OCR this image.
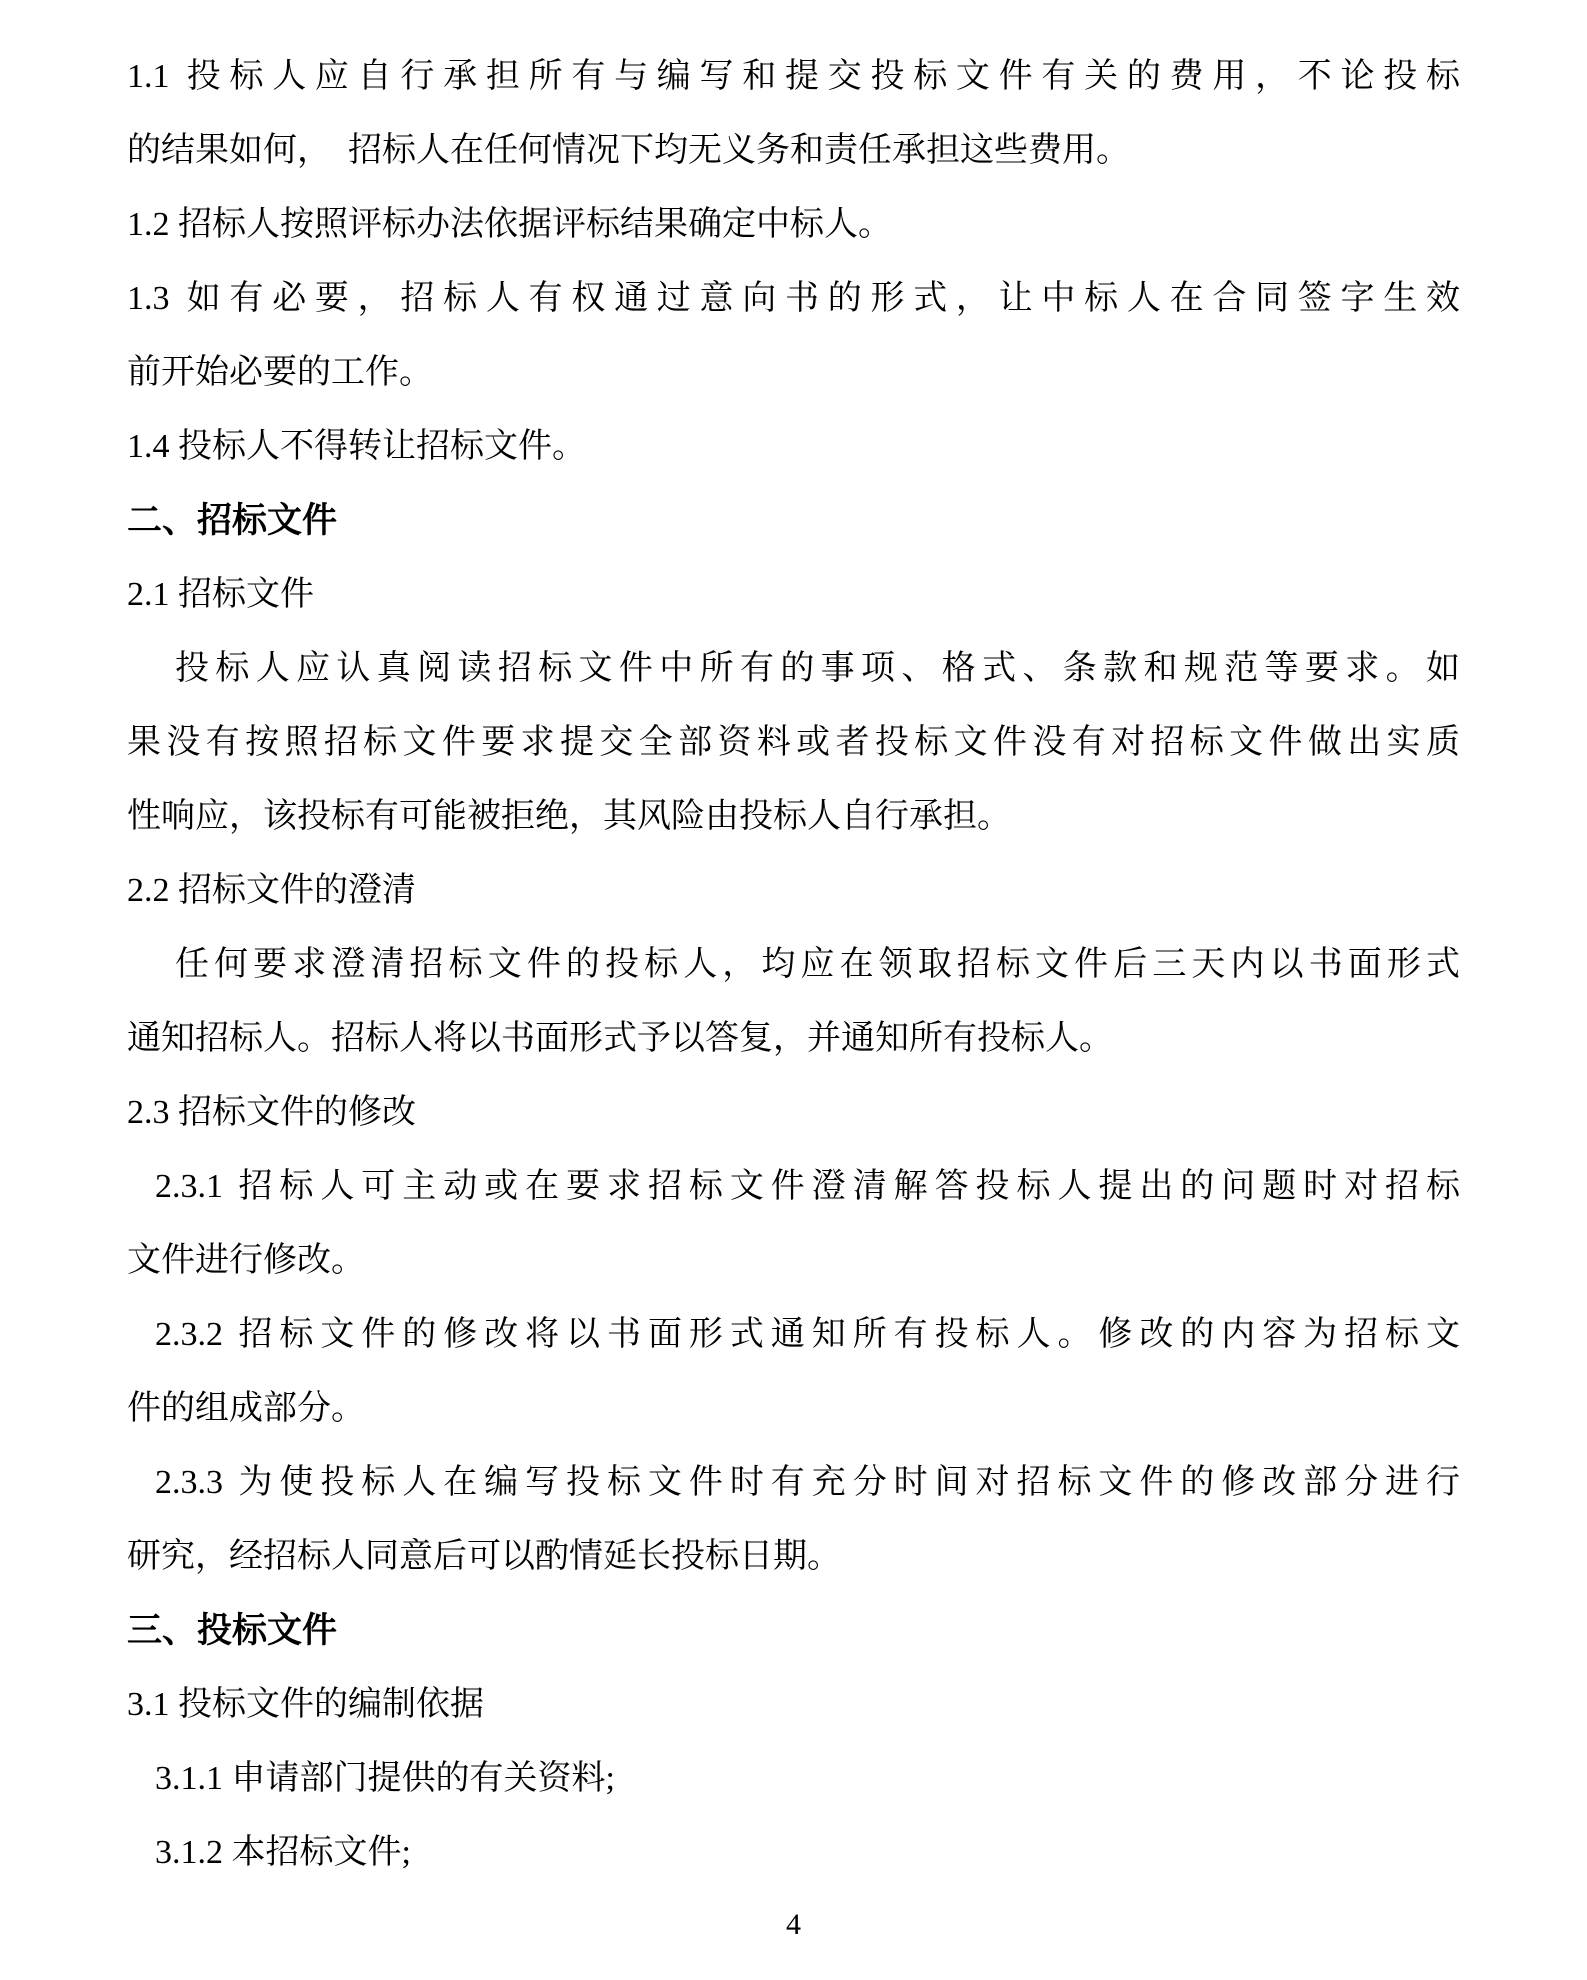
1.1 投标人应自行承担所有与编写和提交投标文件有关的费用，不论投标
的结果如何，　招标人在任何情况下均无义务和责任承担这些费用。
1.2 招标人按照评标办法依据评标结果确定中标人。
1.3 如有必要，招标人有权通过意向书的形式，让中标人在合同签字生效
前开始必要的工作。
1.4 投标人不得转让招标文件。
二、招标文件
2.1 招标文件
投标人应认真阅读招标文件中所有的事项、格式、条款和规范等要求。如
果没有按照招标文件要求提交全部资料或者投标文件没有对招标文件做出实质
性响应，该投标有可能被拒绝，其风险由投标人自行承担。
2.2 招标文件的澄清
任何要求澄清招标文件的投标人，均应在领取招标文件后三天内以书面形式
通知招标人。招标人将以书面形式予以答复，并通知所有投标人。
2.3 招标文件的修改
2.3.1 招标人可主动或在要求招标文件澄清解答投标人提出的问题时对招标
文件进行修改。
2.3.2 招标文件的修改将以书面形式通知所有投标人。修改的内容为招标文
件的组成部分。
2.3.3 为使投标人在编写投标文件时有充分时间对招标文件的修改部分进行
研究，经招标人同意后可以酌情延长投标日期。
三、投标文件
3.1 投标文件的编制依据
3.1.1 申请部门提供的有关资料;
3.1.2 本招标文件;
4
